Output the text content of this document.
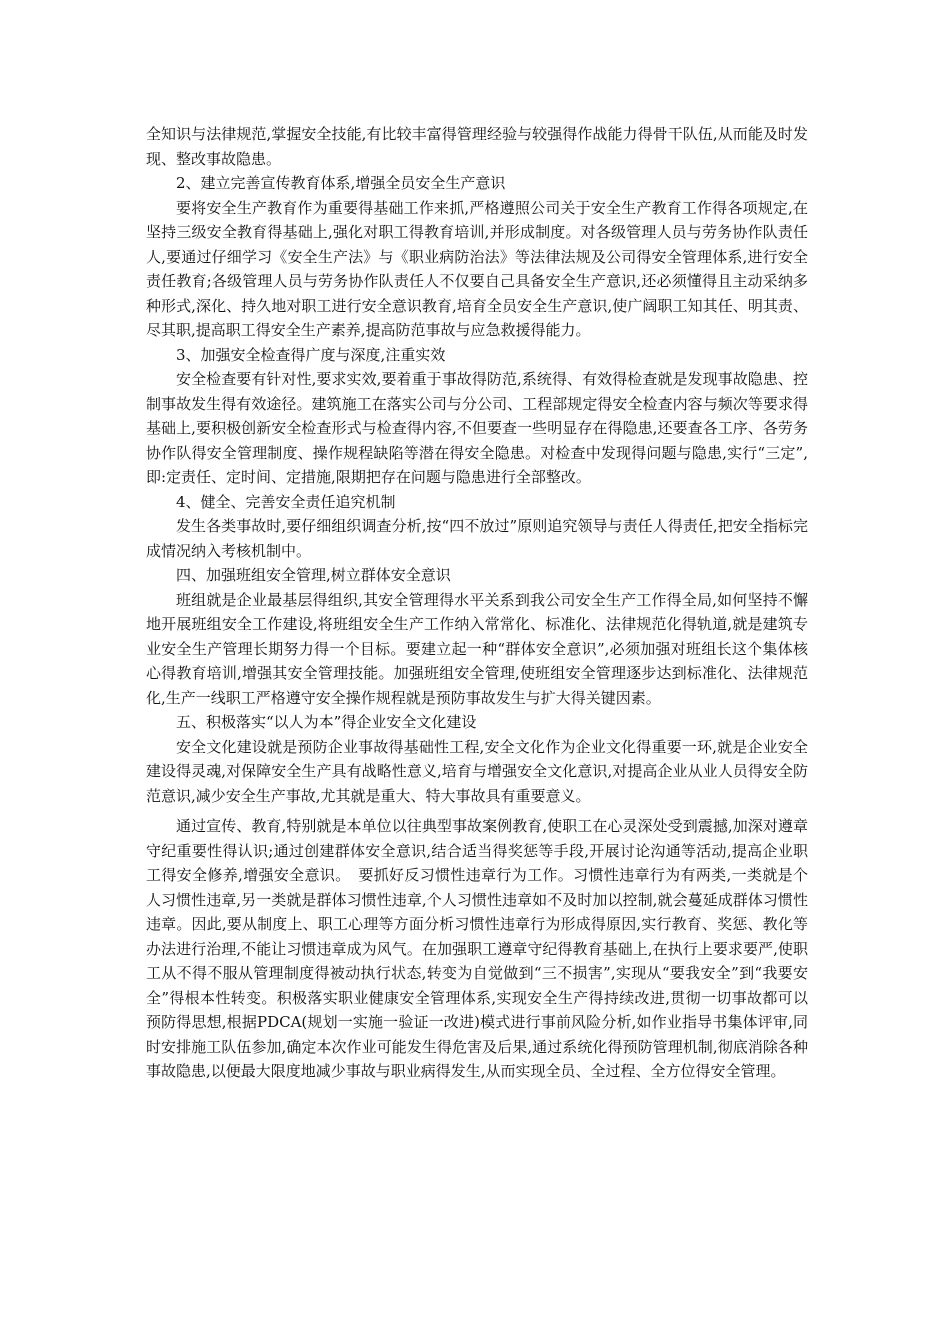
全知识与法律规范,掌握安全技能,有比较丰富得管理经验与较强得作战能力得骨干队伍,从而能及时发现、整改事故隐患。

2、建立完善宣传教育体系,增强全员安全生产意识

要将安全生产教育作为重要得基础工作来抓,严格遵照公司关于安全生产教育工作得各项规定,在坚持三级安全教育得基础上,强化对职工得教育培训,并形成制度。对各级管理人员与劳务协作队责任人,要通过仔细学习《安全生产法》与《职业病防治法》等法律法规及公司得安全管理体系,进行安全责任教育;各级管理人员与劳务协作队责任人不仅要自己具备安全生产意识,还必须懂得且主动采纳多种形式,深化、持久地对职工进行安全意识教育,培育全员安全生产意识,使广阔职工知其任、明其责、尽其职,提高职工得安全生产素养,提高防范事故与应急救援得能力。

3、加强安全检查得广度与深度,注重实效

安全检查要有针对性,要求实效,要着重于事故得防范,系统得、有效得检查就是发现事故隐患、控制事故发生得有效途径。建筑施工在落实公司与分公司、工程部规定得安全检查内容与频次等要求得基础上,要积极创新安全检查形式与检查得内容,不但要查一些明显存在得隐患,还要查各工序、各劳务协作队得安全管理制度、操作规程缺陷等潜在得安全隐患。对检查中发现得问题与隐患,实行“三定”,即:定责任、定时间、定措施,限期把存在问题与隐患进行全部整改。

4、健全、完善安全责任追究机制

发生各类事故时,要仔细组织调查分析,按“四不放过”原则追究领导与责任人得责任,把安全指标完成情况纳入考核机制中。

四、加强班组安全管理,树立群体安全意识

班组就是企业最基层得组织,其安全管理得水平关系到我公司安全生产工作得全局,如何坚持不懈地开展班组安全工作建设,将班组安全生产工作纳入常常化、标准化、法律规范化得轨道,就是建筑专业安全生产管理长期努力得一个目标。要建立起一种“群体安全意识”,必须加强对班组长这个集体核心得教育培训,增强其安全管理技能。加强班组安全管理,使班组安全管理逐步达到标准化、法律规范化,生产一线职工严格遵守安全操作规程就是预防事故发生与扩大得关键因素。

五、积极落实“以人为本”得企业安全文化建设

安全文化建设就是预防企业事故得基础性工程,安全文化作为企业文化得重要一环,就是企业安全建设得灵魂,对保障安全生产具有战略性意义,培育与增强安全文化意识,对提高企业从业人员得安全防范意识,减少安全生产事故,尤其就是重大、特大事故具有重要意义。

通过宣传、教育,特别就是本单位以往典型事故案例教育,使职工在心灵深处受到震撼,加深对遵章守纪重要性得认识;通过创建群体安全意识,结合适当得奖惩等手段,开展讨论沟通等活动,提高企业职工得安全修养,增强安全意识。　要抓好反习惯性违章行为工作。习惯性违章行为有两类,一类就是个人习惯性违章,另一类就是群体习惯性违章,个人习惯性违章如不及时加以控制,就会蔓延成群体习惯性违章。因此,要从制度上、职工心理等方面分析习惯性违章行为形成得原因,实行教育、奖惩、教化等办法进行治理,不能让习惯违章成为风气。在加强职工遵章守纪得教育基础上,在执行上要求要严,使职工从不得不服从管理制度得被动执行状态,转变为自觉做到“三不损害”,实现从“要我安全”到“我要安全”得根本性转变。积极落实职业健康安全管理体系,实现安全生产得持续改进,贯彻一切事故都可以预防得思想,根据PDCA(规划一实施一验证一改进)模式进行事前风险分析,如作业指导书集体评审,同时安排施工队伍参加,确定本次作业可能发生得危害及后果,通过系统化得预防管理机制,彻底消除各种事故隐患,以便最大限度地减少事故与职业病得发生,从而实现全员、全过程、全方位得安全管理。
